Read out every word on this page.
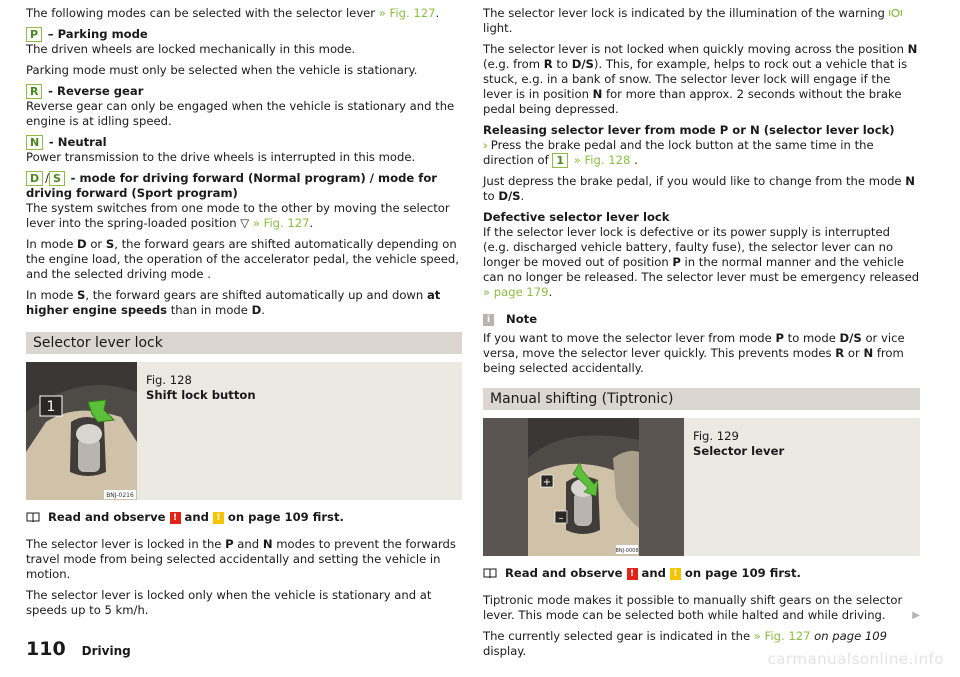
The following modes can be selected with the selector lever » Fig. 127.

P – Parking mode
The driven wheels are locked mechanically in this mode.

Parking mode must only be selected when the vehicle is stationary.

R - Reverse gear
Reverse gear can only be engaged when the vehicle is stationary and the engine is at idling speed.

N - Neutral
Power transmission to the drive wheels is interrupted in this mode.

D / S - mode for driving forward (Normal program) / mode for driving forward (Sport program)
The system switches from one mode to the other by moving the selector lever into the spring-loaded position ▽ » Fig. 127.

In mode D or S, the forward gears are shifted automatically depending on the engine load, the operation of the accelerator pedal, the vehicle speed, and the selected driving mode .

In mode S, the forward gears are shifted automatically up and down at higher engine speeds than in mode D.

Selector lever lock
1
BNJ-0216
Fig. 128
Shift lock button
Read and observe ! and ! on page 109 first.

The selector lever is locked in the P and N modes to prevent the forwards travel mode from being selected accidentally and setting the vehicle in motion.

The selector lever is locked only when the vehicle is stationary and at speeds up to 5 km/h.

The selector lever lock is indicated by the illumination of the warning  light.

The selector lever is not locked when quickly moving across the position N (e.g. from R to D/S). This, for example, helps to rock out a vehicle that is stuck, e.g. in a bank of snow. The selector lever lock will engage if the lever is in position N for more than approx. 2 seconds without the brake pedal being depressed.

Releasing selector lever from mode P or N (selector lever lock)
› Press the brake pedal and the lock button at the same time in the direction of 1 » Fig. 128 .

Just depress the brake pedal, if you would like to change from the mode N to D/S.

Defective selector lever lock
If the selector lever lock is defective or its power supply is interrupted (e.g. discharged vehicle battery, faulty fuse), the selector lever can no longer be moved out of position P in the normal manner and the vehicle can no longer be released. The selector lever must be emergency released » page 179.

i	Note

If you want to move the selector lever from mode P to mode D/S or vice versa, move the selector lever quickly. This prevents modes R or N from being selected accidentally.

Manual shifting (Tiptronic)
+
–
BNJ-0008
Fig. 129
Selector lever
Read and observe ! and ! on page 109 first.

Tiptronic mode makes it possible to manually shift gears on the selector lever. This mode can be selected both while halted and while driving.

The currently selected gear is indicated in the » Fig. 127 on page 109 display.

▶
110 Driving	carmanualsonline.info
